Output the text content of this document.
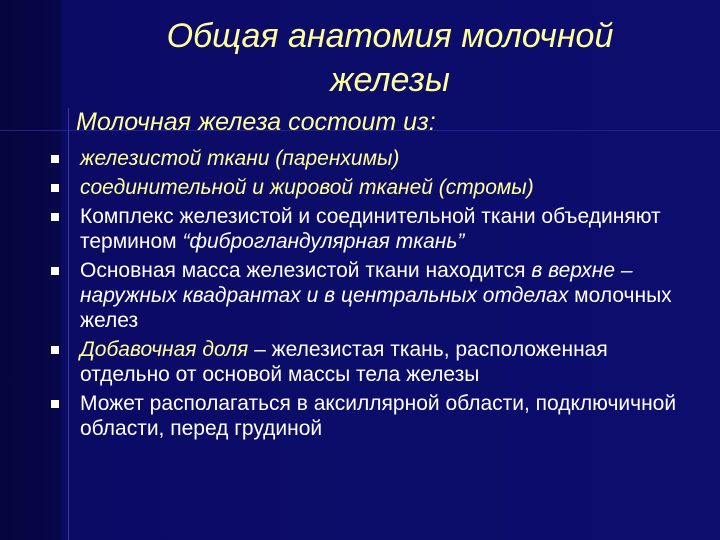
Общая анатомия молочной
железы
Молочная железа состоит из:
железистой ткани (паренхимы)
соединительной и жировой тканей (стромы)
Комплекс железистой и соединительной ткани объединяют термином “фиброгландулярная ткань”
Основная масса железистой ткани находится в верхне – наружных квадрантах и в центральных отделах молочных желез
Добавочная доля – железистая ткань, расположенная отдельно от основой массы тела железы
Может располагаться в аксиллярной области, подключичной области, перед грудиной
